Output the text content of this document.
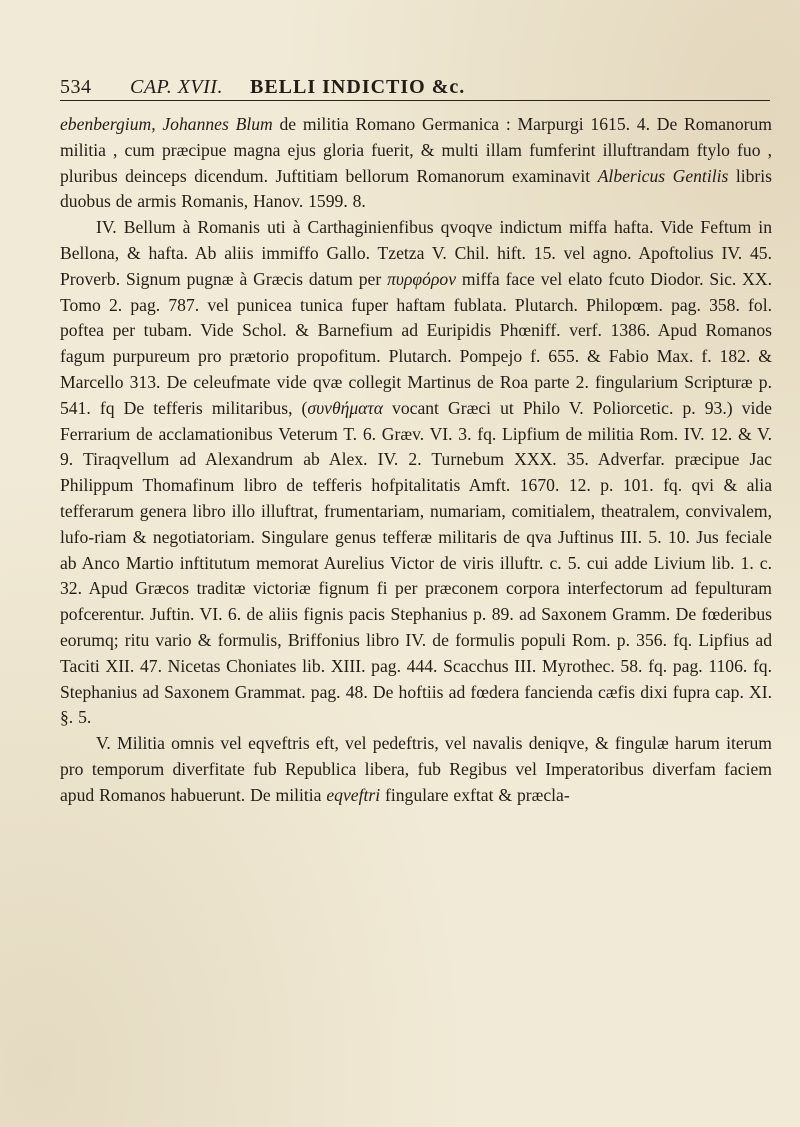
534 CAP. XVII. BELLI INDICTIO &c.

ebenbergium, Johannes Blum de militia Romano Germanica : Marpurgi 1615. 4. De Romanorum militia , cum præcipue magna ejus gloria fuerit, & multi illam fumferint illuftrandam ftylo fuo , pluribus deinceps dicendum. Juftitiam bellorum Romanorum examinavit Albericus Gentilis libris duobus de armis Romanis, Hanov. 1599. 8.

IV. Bellum à Romanis uti à Carthaginienfibus qvoqve indictum miffa hafta. Vide Feftum in Bellona, & hafta. Ab aliis immiffo Gallo. Tzetza V. Chil. hift. 15. vel agno. Apoftolius IV. 45. Proverb. Signum pugnæ à Græcis datum per πυρφόρον miffa face vel elato fcuto Diodor. Sic. XX. Tomo 2. pag. 787. vel punicea tunica fuper haftam fublata. Plutarch. Philopœm. pag. 358. fol. poftea per tubam. Vide Schol. & Barnefium ad Euripidis Phœniff. verf. 1386. Apud Romanos fagum purpureum pro prætorio propofitum. Plutarch. Pompejo f. 655. & Fabio Max. f. 182. & Marcello 313. De celeufmate vide qvæ collegit Martinus de Roa parte 2. fingularium Scripturæ p. 541. fq De tefferis militaribus, (συνθήματα vocant Græci ut Philo V. Poliorcetic. p. 93.) vide Ferrarium de acclamationibus Veterum T. 6. Græv. VI. 3. fq. Lipfium de militia Rom. IV. 12. & V. 9. Tiraqvellum ad Alexandrum ab Alex. IV. 2. Turnebum XXX. 35. Adverfar. præcipue Jac Philippum Thomafinum libro de tefferis hofpitalitatis Amft. 1670. 12. p. 101. fq. qvi & alia tefferarum genera libro illo illuftrat, frumentariam, numariam, comitialem, theatralem, convivalem, lufo-riam & negotiatoriam. Singulare genus tefferæ militaris de qva Juftinus III. 5. 10. Jus feciale ab Anco Martio inftitutum memorat Aurelius Victor de viris illuftr. c. 5. cui adde Livium lib. 1. c. 32. Apud Græcos traditæ victoriæ fignum fi per præconem corpora interfectorum ad fepulturam pofcerentur. Juftin. VI. 6. de aliis fignis pacis Stephanius p. 89. ad Saxonem Gramm. De fœderibus eorumq; ritu vario & formulis, Briffonius libro IV. de formulis populi Rom. p. 356. fq. Lipfius ad Taciti XII. 47. Nicetas Choniates lib. XIII. pag. 444. Scacchus III. Myrothec. 58. fq. pag. 1106. fq. Stephanius ad Saxonem Grammat. pag. 48. De hoftiis ad fœdera fancienda cæfis dixi fupra cap. XI. §. 5.

V. Militia omnis vel eqveftris eft, vel pedeftris, vel navalis deniqve, & fingulæ harum iterum pro temporum diverfitate fub Republica libera, fub Regibus vel Imperatoribus diverfam faciem apud Romanos habuerunt. De militia eqveftri fingulare exftat & præcla-
